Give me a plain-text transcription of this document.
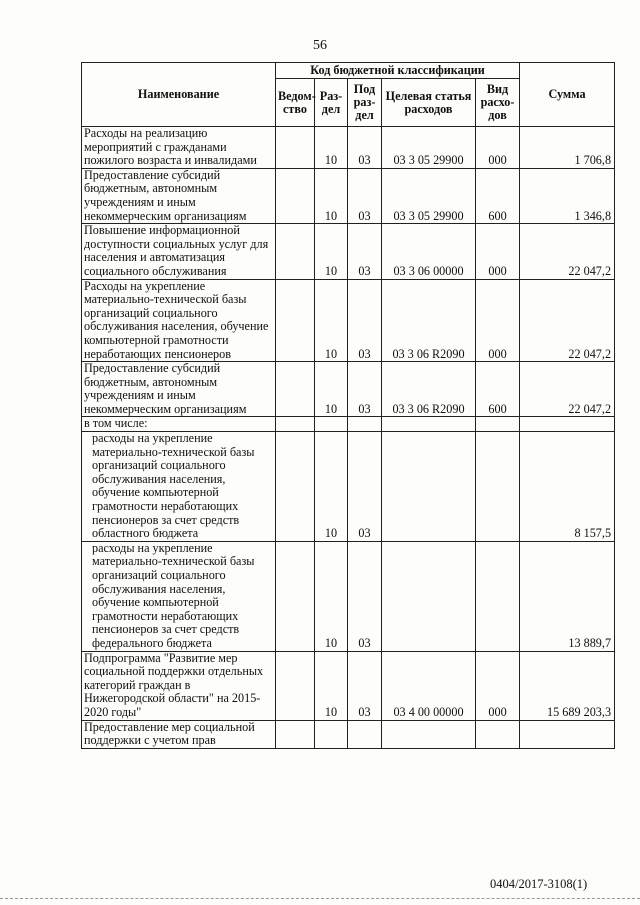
56
Наименование	Код бюджетной классификации					Сумма
	Ведом-ство	Раз-дел	Под раз-дел	Целевая статья расходов	Вид расхо-дов	
Расходы на реализацию мероприятий с гражданами пожилого возраста и инвалидами		10	03	03 3 05 29900	000	1 706,8
Предоставление субсидий бюджетным, автономным учреждениям и иным некоммерческим организациям		10	03	03 3 05 29900	600	1 346,8
Повышение информационной доступности социальных услуг для населения и автоматизация социального обслуживания		10	03	03 3 06 00000	000	22 047,2
Расходы на укрепление материально-технической базы организаций социального обслуживания населения, обучение компьютерной грамотности неработающих пенсионеров		10	03	03 3 06 R2090	000	22 047,2
Предоставление субсидий бюджетным, автономным учреждениям и иным некоммерческим организациям		10	03	03 3 06 R2090	600	22 047,2
в том числе:						
расходы на укрепление материально-технической базы организаций социального обслуживания населения, обучение компьютерной грамотности неработающих пенсионеров за счет средств областного бюджета		10	03			8 157,5
расходы на укрепление материально-технической базы организаций социального обслуживания населения, обучение компьютерной грамотности неработающих пенсионеров за счет средств федерального бюджета		10	03			13 889,7
Подпрограмма "Развитие мер социальной поддержки отдельных категорий граждан в Нижегородской области" на 2015-2020 годы"		10	03	03 4 00 00000	000	15 689 203,3
Предоставление мер социальной поддержки с учетом прав						
0404/2017-3108(1)
